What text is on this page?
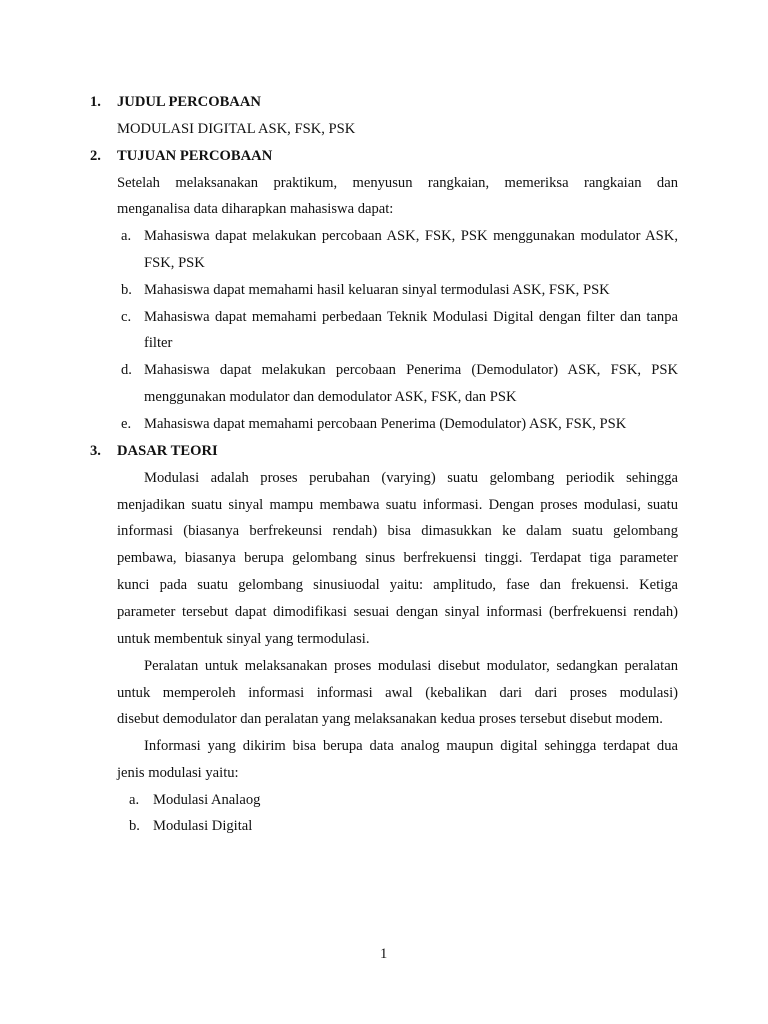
1. JUDUL PERCOBAAN
MODULASI DIGITAL ASK, FSK, PSK
2. TUJUAN PERCOBAAN
Setelah melaksanakan praktikum, menyusun rangkaian, memeriksa rangkaian dan
menganalisa data diharapkan mahasiswa dapat:
a. Mahasiswa dapat melakukan percobaan ASK, FSK, PSK menggunakan modulator ASK,
FSK, PSK
b. Mahasiswa dapat memahami hasil keluaran sinyal termodulasi ASK, FSK, PSK
c. Mahasiswa dapat memahami perbedaan Teknik Modulasi Digital dengan filter dan tanpa
filter
d. Mahasiswa dapat melakukan percobaan Penerima (Demodulator) ASK, FSK, PSK
menggunakan modulator dan demodulator ASK, FSK, dan PSK
e. Mahasiswa dapat memahami percobaan Penerima (Demodulator) ASK, FSK, PSK
3. DASAR TEORI
Modulasi adalah proses perubahan (varying) suatu gelombang periodik sehingga
menjadikan suatu sinyal mampu membawa suatu informasi. Dengan proses modulasi, suatu
informasi (biasanya berfrekeunsi rendah) bisa dimasukkan ke dalam suatu gelombang
pembawa, biasanya berupa gelombang sinus berfrekuensi tinggi. Terdapat tiga parameter
kunci pada suatu gelombang sinusiuodal yaitu: amplitudo, fase dan frekuensi. Ketiga
parameter tersebut dapat dimodifikasi sesuai dengan sinyal informasi (berfrekuensi rendah)
untuk membentuk sinyal yang termodulasi.
Peralatan untuk melaksanakan proses modulasi disebut modulator, sedangkan peralatan
untuk memperoleh informasi informasi awal (kebalikan dari dari proses modulasi)
disebut demodulator dan peralatan yang melaksanakan kedua proses tersebut disebut modem.
Informasi yang dikirim bisa berupa data analog maupun digital sehingga terdapat dua
jenis modulasi yaitu:
a. Modulasi Analaog
b. Modulasi Digital
1
